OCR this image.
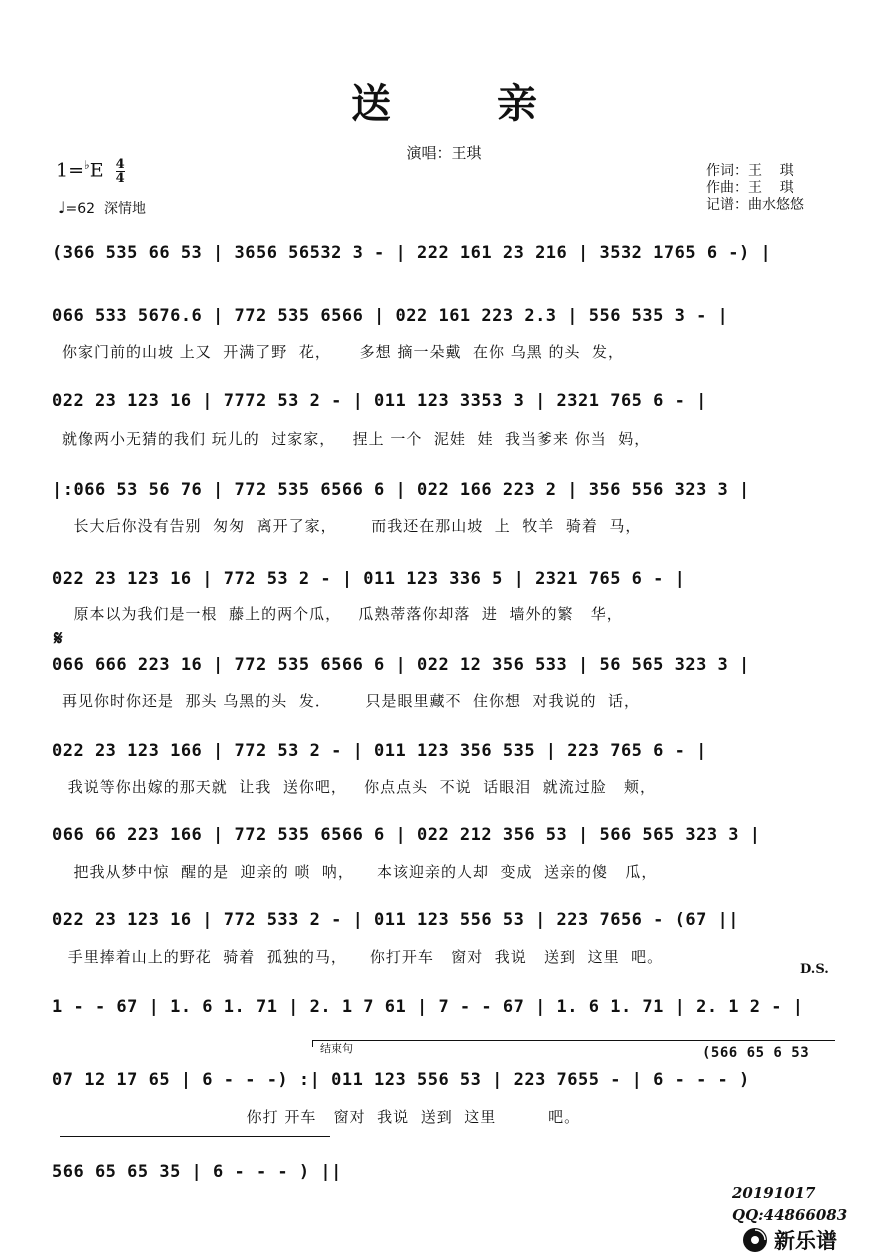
送 亲
演唱：王琪
$1=^♭E \frac{4}{4}$
♩=62 深情地
作词：王    琪
作曲：王    琪
记谱：曲水悠悠
(366 535 66 53 | 3656 56532 3 - | 222 161 23 216 | 3532 1765 6 -) |
066 533 5676.6 | 772 535 6566 | 022 161 223 2.3 | 556 535 3 - |
你家门前的山坡 上又  开满了野  花，     多想 摘一朵戴  在你 乌黑 的头  发，
022 23 123 16 | 7772 53 2 - | 011 123 3353 3 | 2321 765 6 - |
就像两小无猜的我们 玩儿的  过家家，   捏上 一个  泥娃  娃  我当爹来 你当  妈，
|:066 53 56 76 | 772 535 6566 6 | 022 166 223 2 | 356 556 323 3 |
长大后你没有告别  匆匆  离开了家，      而我还在那山坡  上  牧羊  骑着  马，
022 23 123 16 | 772 53 2 - | 011 123 336 5 | 2321 765 6 - |
原本以为我们是一根  藤上的两个瓜，   瓜熟蒂落你却落  进  墙外的繁   华，
𝄋
066 666 223 16 | 772 535 6566 6 | 022 12 356 533 | 56 565 323 3 |
再见你时你还是  那头 乌黑的头  发．      只是眼里藏不  住你想  对我说的  话，
022 23 123 166 | 772 53 2 - | 011 123 356 535 | 223 765 6 - |
我说等你出嫁的那天就  让我  送你吧，   你点点头  不说  话眼泪  就流过脸   颊，
066 66 223 166 | 772 535 6566 6 | 022 212 356 53 | 566 565 323 3 |
把我从梦中惊  醒的是  迎亲的 唢  呐，    本该迎亲的人却  变成  送亲的傻   瓜，
022 23 123 16 | 772 533 2 - | 011 123 556 53 | 223 7656 - (67 ||
手里捧着山上的野花  骑着  孤独的马，    你打开车   窗对  我说   送到  这里  吧。
D.S.
1 - - 67 | 1. 6 1. 71 | 2. 1 7 61 | 7 - - 67 | 1. 6 1. 71 | 2. 1 2 - |
结束句	(566 65 6 53
07 12 17 65 | 6 - - -) :| 011 123 556 53 | 223 7655 - | 6 - - - )
你打 开车   窗对  我说  送到  这里         吧。
566 65 65 35 | 6 - - - ) ||
20191017
QQ:44866083
新乐谱
